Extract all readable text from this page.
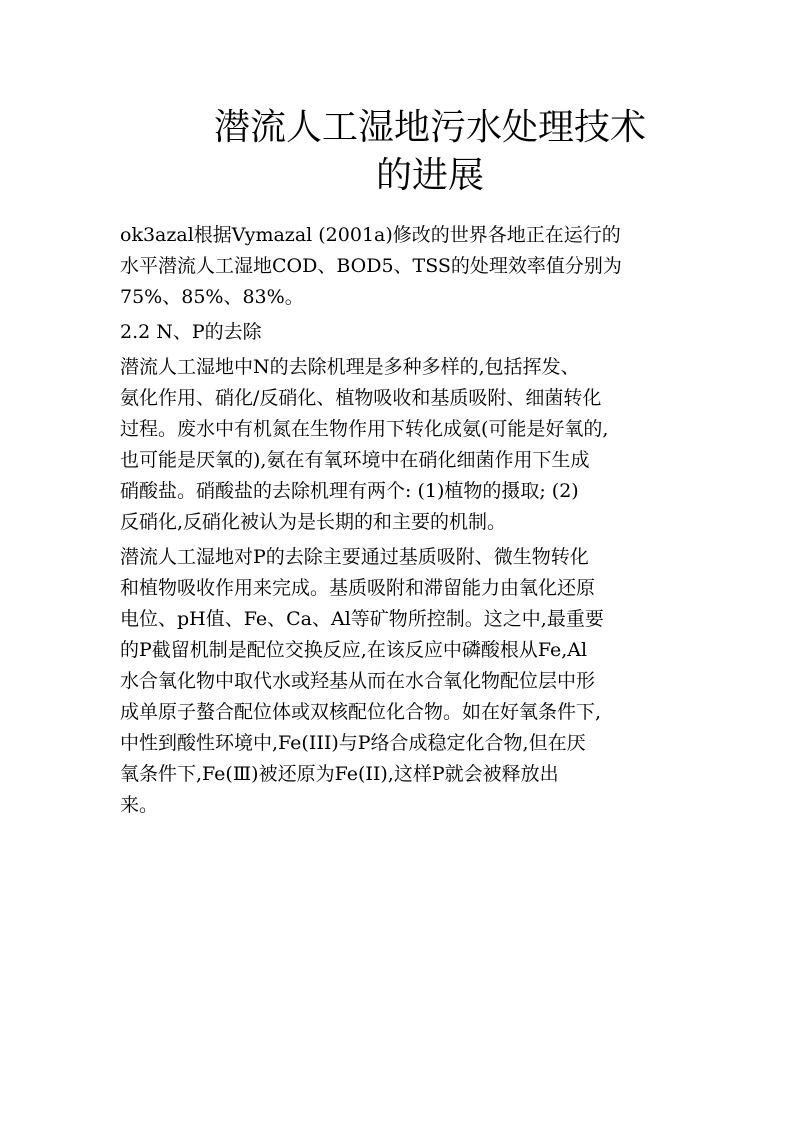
潜流人工湿地污水处理技术
的进展
ok3azal根据Vymazal (2001a)修改的世界各地正在运行的
水平潜流人工湿地COD、BOD5、TSS的处理效率值分别为
75%、85%、83%。
2.2 N、P的去除
潜流人工湿地中N的去除机理是多种多样的,包括挥发、
氨化作用、硝化/反硝化、植物吸收和基质吸附、细菌转化
过程。废水中有机氮在生物作用下转化成氨(可能是好氧的,
也可能是厌氧的),氨在有氧环境中在硝化细菌作用下生成
硝酸盐。硝酸盐的去除机理有两个: (1)植物的摄取; (2)
反硝化,反硝化被认为是长期的和主要的机制。
潜流人工湿地对P的去除主要通过基质吸附、微生物转化
和植物吸收作用来完成。基质吸附和滞留能力由氧化还原
电位、pH值、Fe、Ca、Al等矿物所控制。这之中,最重要
的P截留机制是配位交换反应,在该反应中磷酸根从Fe,Al
水合氧化物中取代水或羟基从而在水合氧化物配位层中形
成单原子螯合配位体或双核配位化合物。如在好氧条件下,
中性到酸性环境中,Fe(III)与P络合成稳定化合物,但在厌
氧条件下,Fe(Ⅲ)被还原为Fe(II),这样P就会被释放出
来。
